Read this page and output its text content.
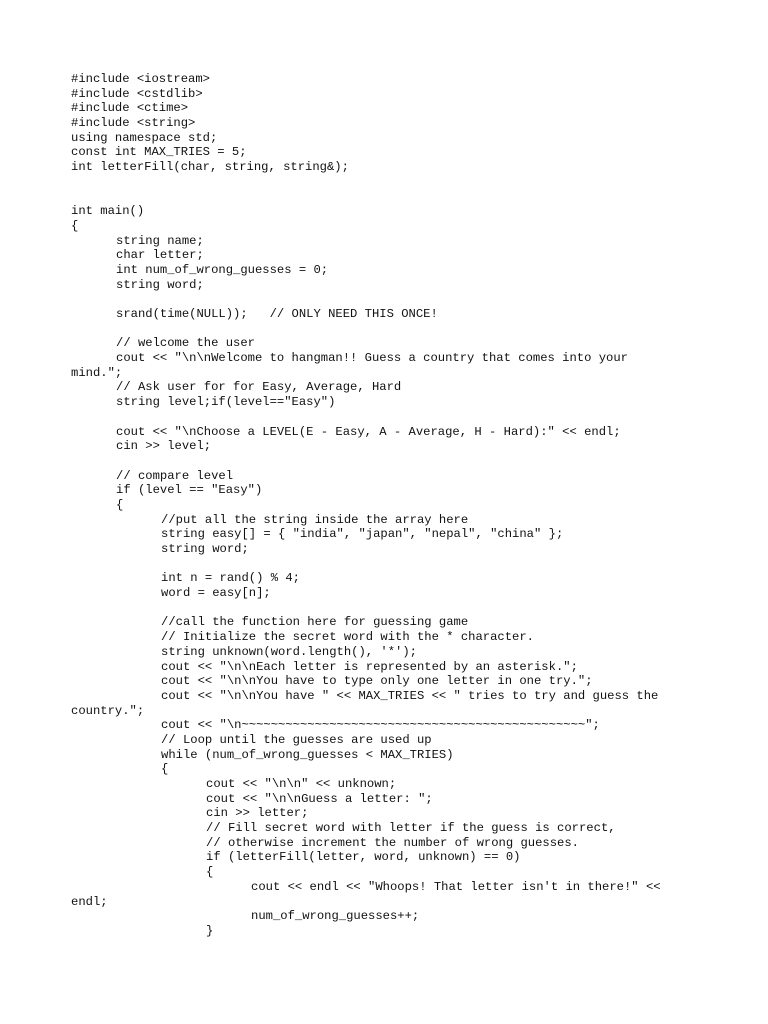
#include <iostream>
#include <cstdlib>
#include <ctime>
#include <string>
using namespace std;
const int MAX_TRIES = 5;
int letterFill(char, string, string&);
int main()
{
string name;
char letter;
int num_of_wrong_guesses = 0;
string word;
srand(time(NULL));   // ONLY NEED THIS ONCE!
// welcome the user
cout << "\n\nWelcome to hangman!! Guess a country that comes into your
mind.";
// Ask user for for Easy, Average, Hard
string level;if(level=="Easy")
cout << "\nChoose a LEVEL(E - Easy, A - Average, H - Hard):" << endl;
cin >> level;
// compare level
if (level == "Easy")
{
//put all the string inside the array here
string easy[] = { "india", "japan", "nepal", "china" };
string word;
int n = rand() % 4;
word = easy[n];
//call the function here for guessing game
// Initialize the secret word with the * character.
string unknown(word.length(), '*');
cout << "\n\nEach letter is represented by an asterisk.";
cout << "\n\nYou have to type only one letter in one try.";
cout << "\n\nYou have " << MAX_TRIES << " tries to try and guess the
country.";
cout << "\n~~~~~~~~~~~~~~~~~~~~~~~~~~~~~~~~~~~~~~~~~~~~~~~";
// Loop until the guesses are used up
while (num_of_wrong_guesses < MAX_TRIES)
{
cout << "\n\n" << unknown;
cout << "\n\nGuess a letter: ";
cin >> letter;
// Fill secret word with letter if the guess is correct,
// otherwise increment the number of wrong guesses.
if (letterFill(letter, word, unknown) == 0)
{
cout << endl << "Whoops! That letter isn't in there!" <<
endl;
num_of_wrong_guesses++;
}
